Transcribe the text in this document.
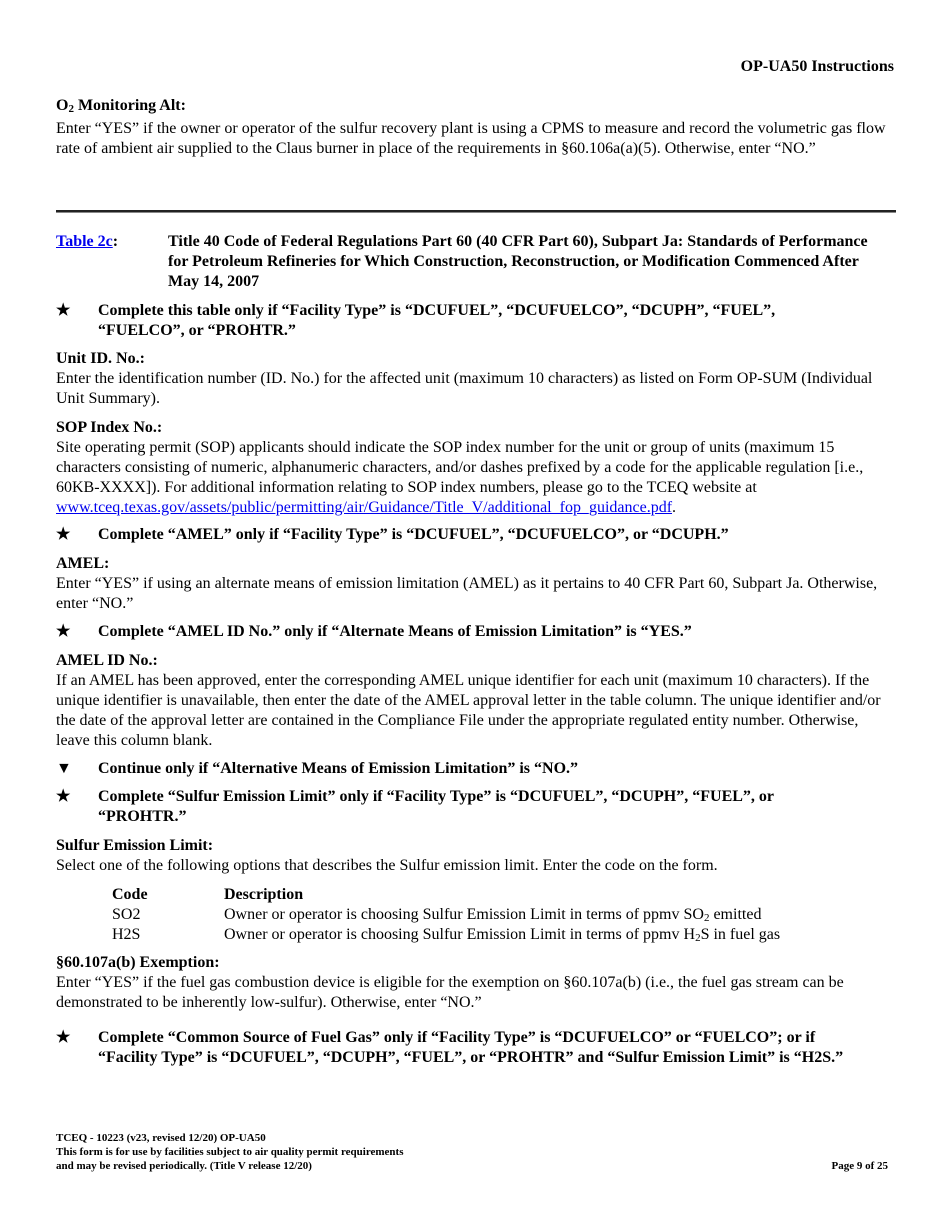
OP-UA50 Instructions

O2 Monitoring Alt:

Enter “YES” if the owner or operator of the sulfur recovery plant is using a CPMS to measure and record the volumetric gas flow rate of ambient air supplied to the Claus burner in place of the requirements in §60.106a(a)(5). Otherwise, enter “NO.”

Table 2c:	Title 40 Code of Federal Regulations Part 60 (40 CFR Part 60), Subpart Ja: Standards of Performance for Petroleum Refineries for Which Construction, Reconstruction, or Modification Commenced After May 14, 2007
★	Complete this table only if “Facility Type” is “DCUFUEL”, “DCUFUELCO”, “DCUPH”, “FUEL”, “FUELCO”, or “PROHTR.”

Unit ID. No.:

Enter the identification number (ID. No.) for the affected unit (maximum 10 characters) as listed on Form OP-SUM (Individual Unit Summary).

SOP Index No.:

Site operating permit (SOP) applicants should indicate the SOP index number for the unit or group of units (maximum 15 characters consisting of numeric, alphanumeric characters, and/or dashes prefixed by a code for the applicable regulation [i.e., 60KB-XXXX]). For additional information relating to SOP index numbers, please go to the TCEQ website at www.tceq.texas.gov/assets/public/permitting/air/Guidance/Title_V/additional_fop_guidance.pdf.

★	Complete “AMEL” only if “Facility Type” is “DCUFUEL”, “DCUFUELCO”, or “DCUPH.”

AMEL:

Enter “YES” if using an alternate means of emission limitation (AMEL) as it pertains to 40 CFR Part 60, Subpart Ja. Otherwise, enter “NO.”

★	Complete “AMEL ID No.” only if “Alternate Means of Emission Limitation” is “YES.”

AMEL ID No.:

If an AMEL has been approved, enter the corresponding AMEL unique identifier for each unit (maximum 10 characters). If the unique identifier is unavailable, then enter the date of the AMEL approval letter in the table column. The unique identifier and/or the date of the approval letter are contained in the Compliance File under the appropriate regulated entity number. Otherwise, leave this column blank.

▼ Continue only if “Alternative Means of Emission Limitation” is “NO.”
★	Complete “Sulfur Emission Limit” only if “Facility Type” is “DCUFUEL”, “DCUPH”, “FUEL”, or “PROHTR.”

Sulfur Emission Limit:

Select one of the following options that describes the Sulfur emission limit. Enter the code on the form.

Code	Description
SO2	Owner or operator is choosing Sulfur Emission Limit in terms of ppmv SO2 emitted
H2S	Owner or operator is choosing Sulfur Emission Limit in terms of ppmv H2S in fuel gas

§60.107a(b) Exemption:

Enter “YES” if the fuel gas combustion device is eligible for the exemption on §60.107a(b) (i.e., the fuel gas stream can be demonstrated to be inherently low-sulfur). Otherwise, enter “NO.”

★	Complete “Common Source of Fuel Gas” only if “Facility Type” is “DCUFUELCO” or “FUELCO”; or if “Facility Type” is “DCUFUEL”, “DCUPH”, “FUEL”, or “PROHTR” and “Sulfur Emission Limit” is “H2S.”
TCEQ - 10223 (v23, revised 12/20) OP-UA50
This form is for use by facilities subject to air quality permit requirements
and may be revised periodically. (Title V release 12/20)	Page 9 of 25
